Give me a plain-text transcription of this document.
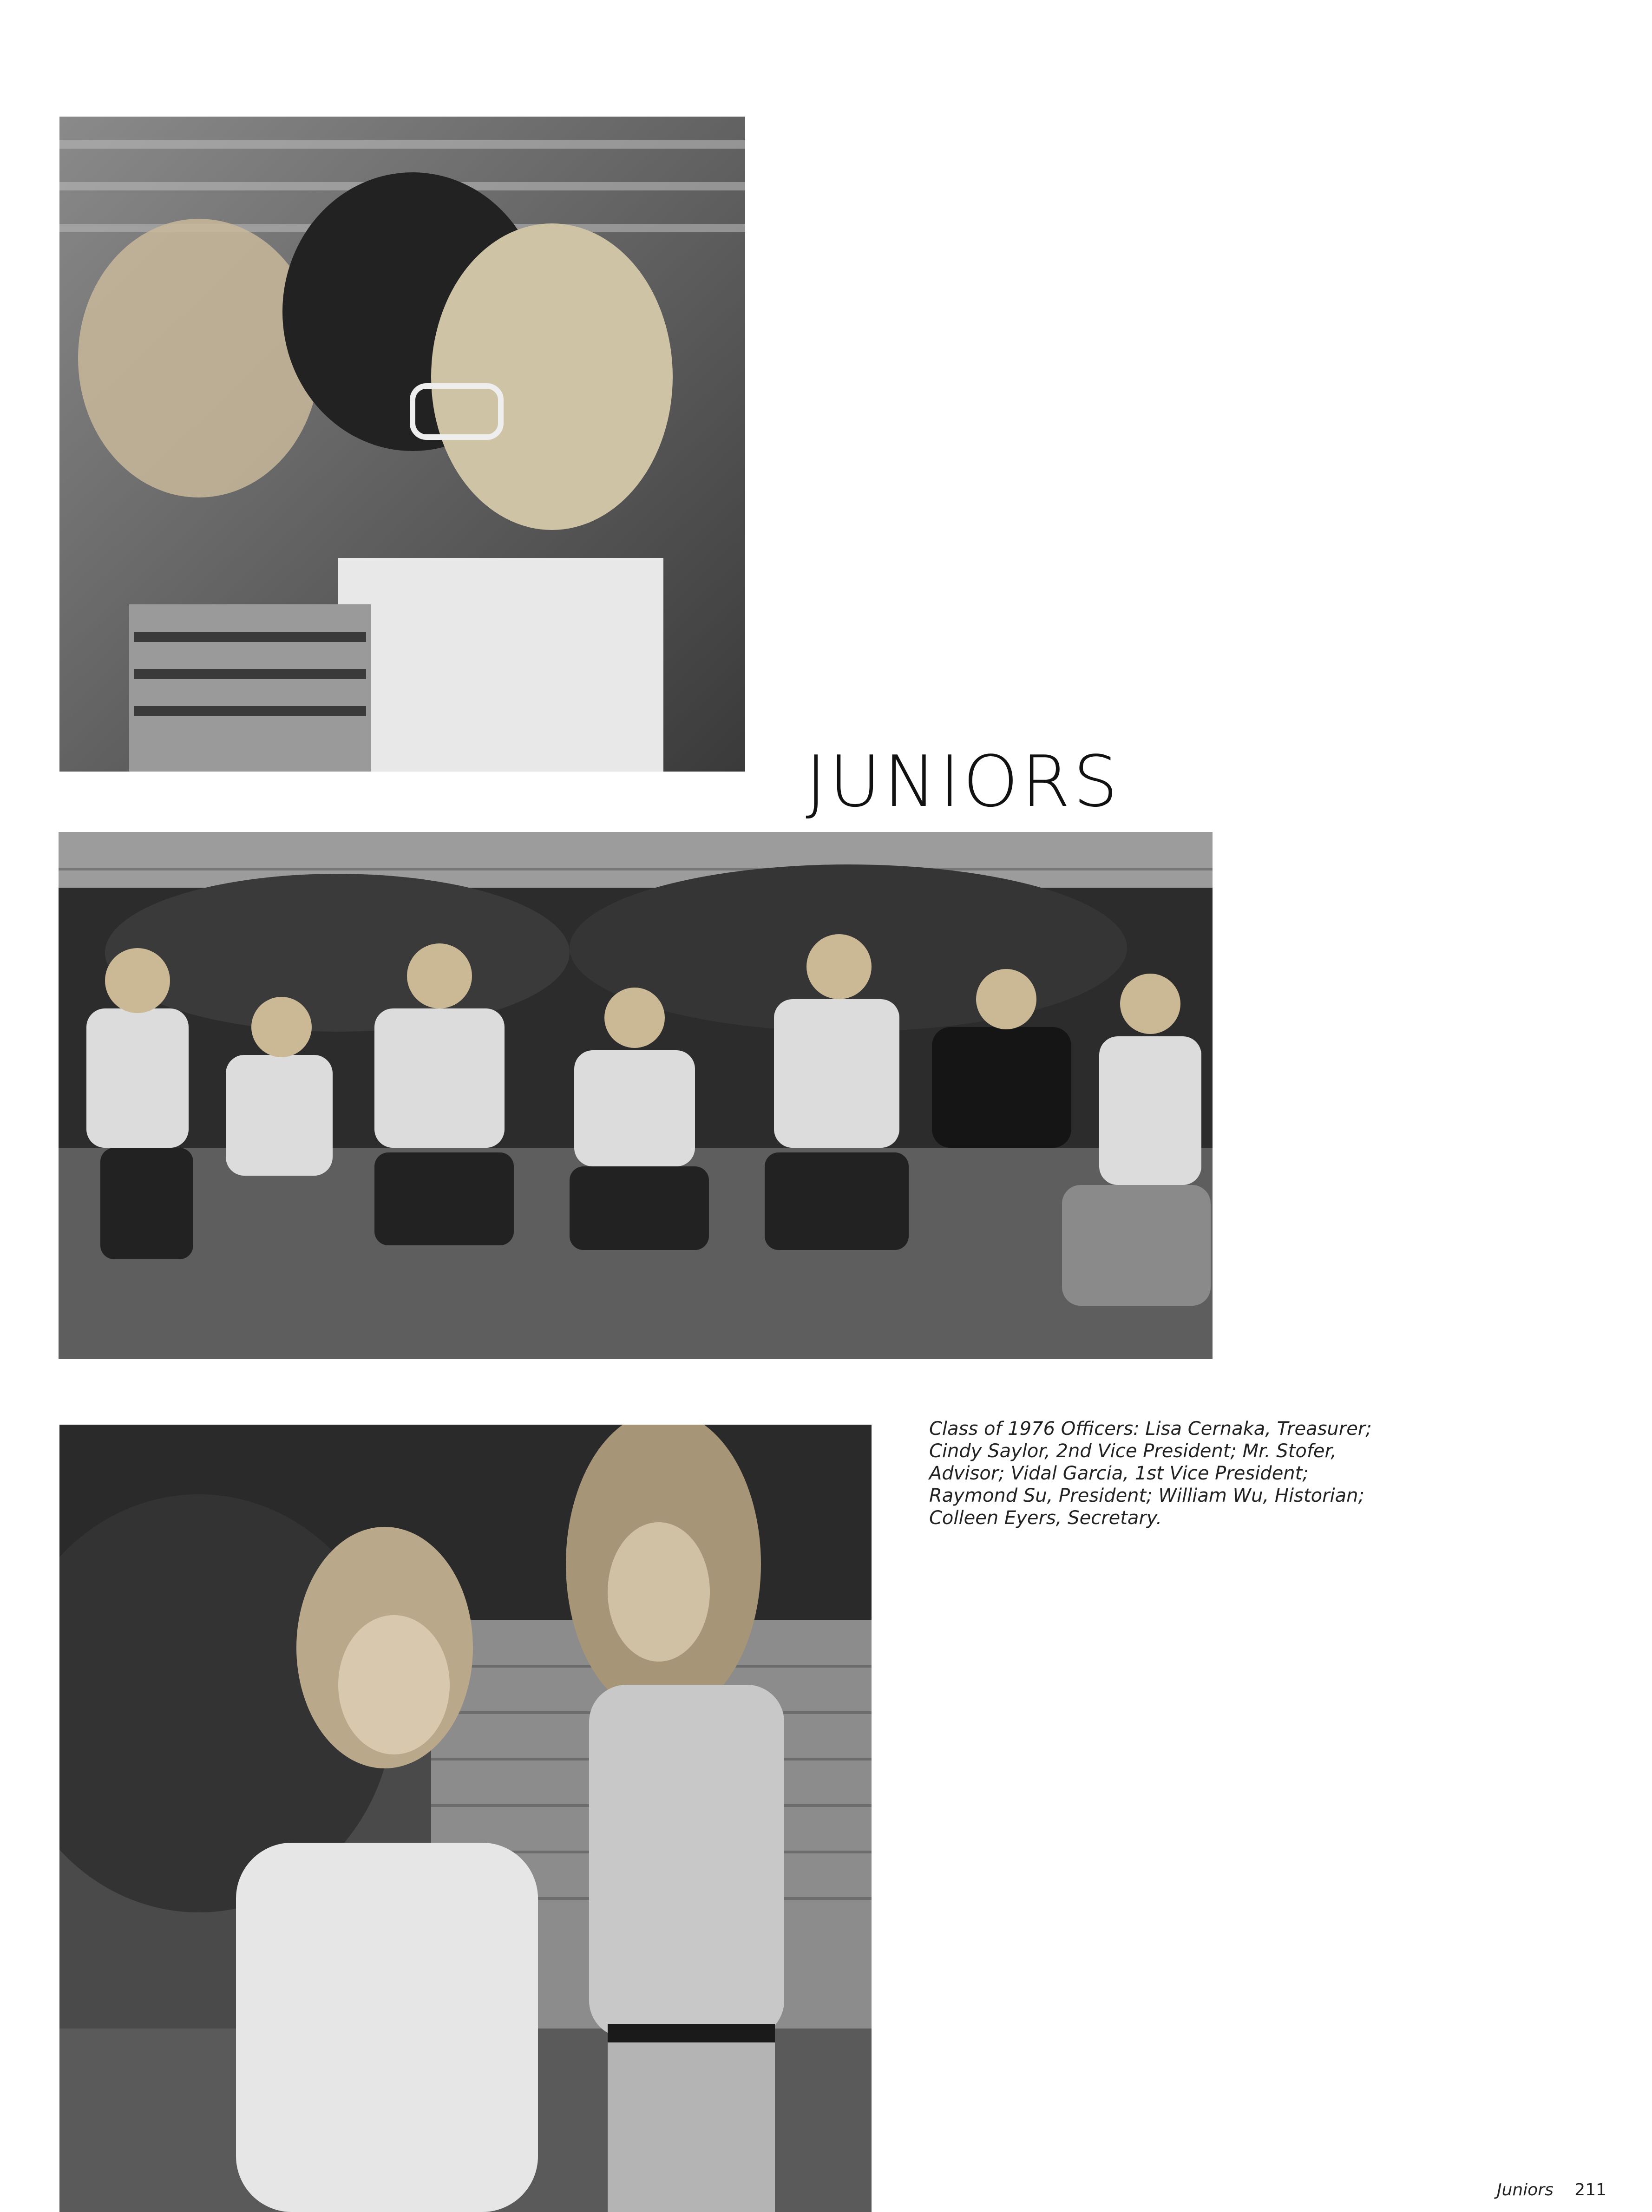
JUNIORS

Class of 1976 Officers: Lisa Cernaka, Treasurer; Cindy Saylor, 2nd Vice President; Mr. Stofer, Advisor; Vidal Garcia, 1st Vice President; Raymond Su, President; William Wu, Historian; Colleen Eyers, Secretary.

Juniors 211
